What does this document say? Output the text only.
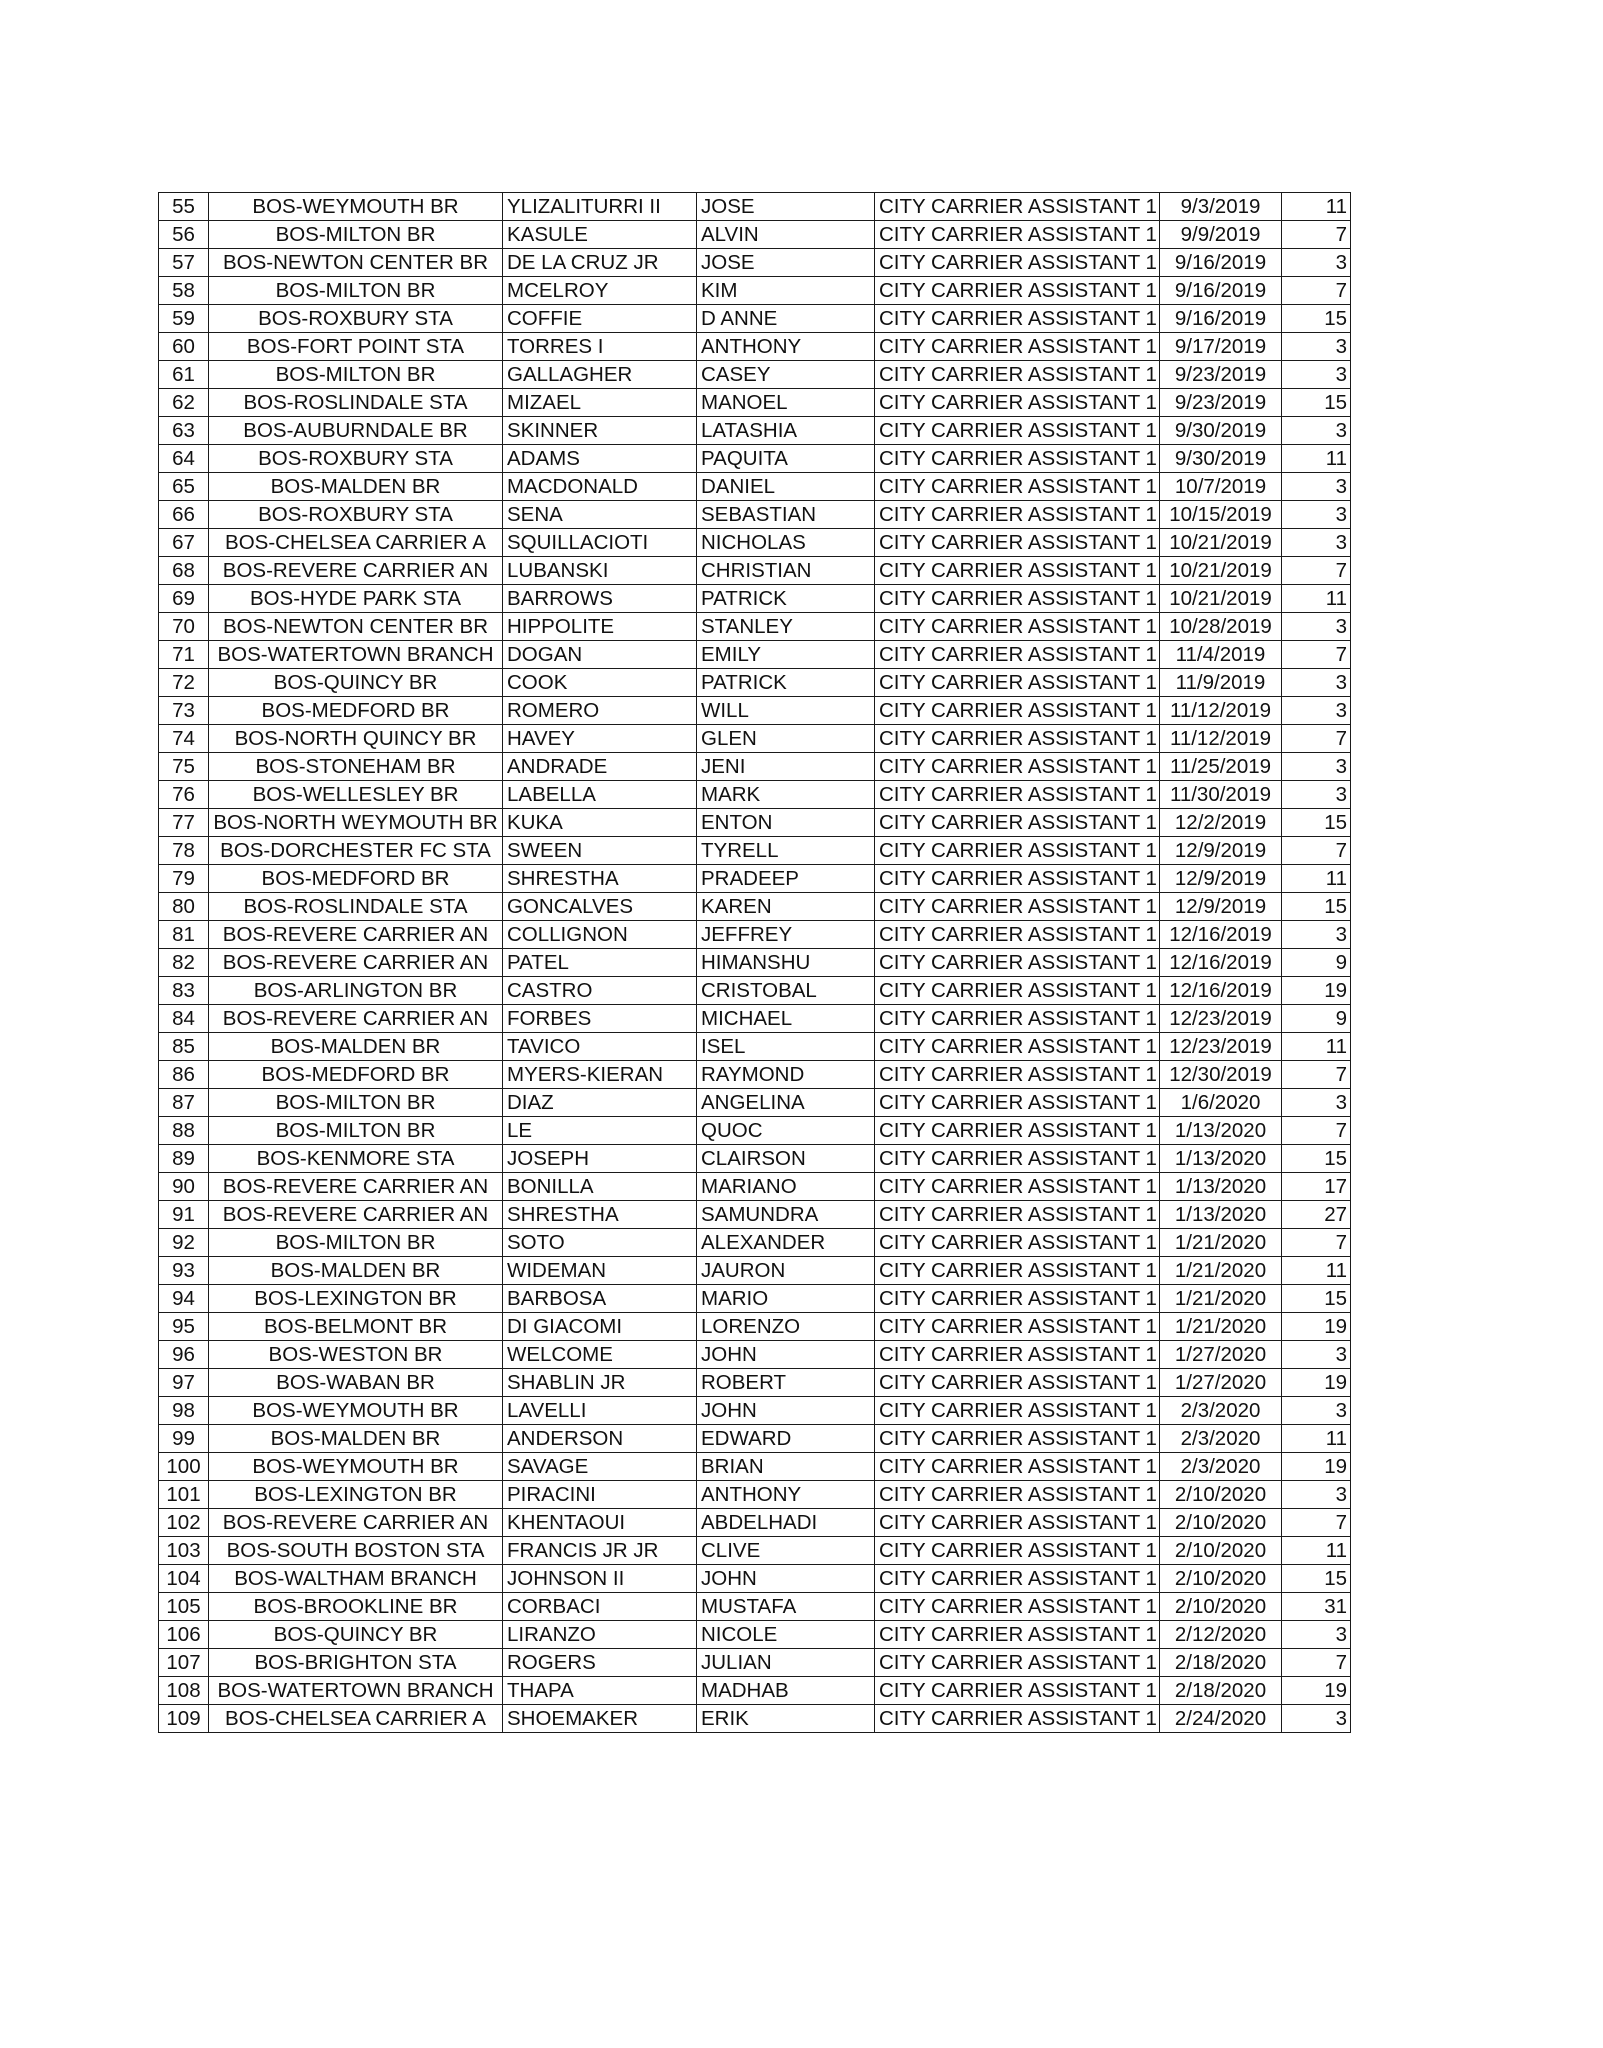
55	BOS-WEYMOUTH BR	YLIZALITURRI II	JOSE	CITY CARRIER ASSISTANT 1	9/3/2019	11
56	BOS-MILTON BR	KASULE	ALVIN	CITY CARRIER ASSISTANT 1	9/9/2019	7
57	BOS-NEWTON CENTER BR	DE LA CRUZ JR	JOSE	CITY CARRIER ASSISTANT 1	9/16/2019	3
58	BOS-MILTON BR	MCELROY	KIM	CITY CARRIER ASSISTANT 1	9/16/2019	7
59	BOS-ROXBURY STA	COFFIE	D ANNE	CITY CARRIER ASSISTANT 1	9/16/2019	15
60	BOS-FORT POINT STA	TORRES I	ANTHONY	CITY CARRIER ASSISTANT 1	9/17/2019	3
61	BOS-MILTON BR	GALLAGHER	CASEY	CITY CARRIER ASSISTANT 1	9/23/2019	3
62	BOS-ROSLINDALE STA	MIZAEL	MANOEL	CITY CARRIER ASSISTANT 1	9/23/2019	15
63	BOS-AUBURNDALE BR	SKINNER	LATASHIA	CITY CARRIER ASSISTANT 1	9/30/2019	3
64	BOS-ROXBURY STA	ADAMS	PAQUITA	CITY CARRIER ASSISTANT 1	9/30/2019	11
65	BOS-MALDEN BR	MACDONALD	DANIEL	CITY CARRIER ASSISTANT 1	10/7/2019	3
66	BOS-ROXBURY STA	SENA	SEBASTIAN	CITY CARRIER ASSISTANT 1	10/15/2019	3
67	BOS-CHELSEA CARRIER A	SQUILLACIOTI	NICHOLAS	CITY CARRIER ASSISTANT 1	10/21/2019	3
68	BOS-REVERE CARRIER AN	LUBANSKI	CHRISTIAN	CITY CARRIER ASSISTANT 1	10/21/2019	7
69	BOS-HYDE PARK STA	BARROWS	PATRICK	CITY CARRIER ASSISTANT 1	10/21/2019	11
70	BOS-NEWTON CENTER BR	HIPPOLITE	STANLEY	CITY CARRIER ASSISTANT 1	10/28/2019	3
71	BOS-WATERTOWN BRANCH	DOGAN	EMILY	CITY CARRIER ASSISTANT 1	11/4/2019	7
72	BOS-QUINCY BR	COOK	PATRICK	CITY CARRIER ASSISTANT 1	11/9/2019	3
73	BOS-MEDFORD BR	ROMERO	WILL	CITY CARRIER ASSISTANT 1	11/12/2019	3
74	BOS-NORTH QUINCY BR	HAVEY	GLEN	CITY CARRIER ASSISTANT 1	11/12/2019	7
75	BOS-STONEHAM BR	ANDRADE	JENI	CITY CARRIER ASSISTANT 1	11/25/2019	3
76	BOS-WELLESLEY BR	LABELLA	MARK	CITY CARRIER ASSISTANT 1	11/30/2019	3
77	BOS-NORTH WEYMOUTH BR	KUKA	ENTON	CITY CARRIER ASSISTANT 1	12/2/2019	15
78	BOS-DORCHESTER FC STA	SWEEN	TYRELL	CITY CARRIER ASSISTANT 1	12/9/2019	7
79	BOS-MEDFORD BR	SHRESTHA	PRADEEP	CITY CARRIER ASSISTANT 1	12/9/2019	11
80	BOS-ROSLINDALE STA	GONCALVES	KAREN	CITY CARRIER ASSISTANT 1	12/9/2019	15
81	BOS-REVERE CARRIER AN	COLLIGNON	JEFFREY	CITY CARRIER ASSISTANT 1	12/16/2019	3
82	BOS-REVERE CARRIER AN	PATEL	HIMANSHU	CITY CARRIER ASSISTANT 1	12/16/2019	9
83	BOS-ARLINGTON BR	CASTRO	CRISTOBAL	CITY CARRIER ASSISTANT 1	12/16/2019	19
84	BOS-REVERE CARRIER AN	FORBES	MICHAEL	CITY CARRIER ASSISTANT 1	12/23/2019	9
85	BOS-MALDEN BR	TAVICO	ISEL	CITY CARRIER ASSISTANT 1	12/23/2019	11
86	BOS-MEDFORD BR	MYERS-KIERAN	RAYMOND	CITY CARRIER ASSISTANT 1	12/30/2019	7
87	BOS-MILTON BR	DIAZ	ANGELINA	CITY CARRIER ASSISTANT 1	1/6/2020	3
88	BOS-MILTON BR	LE	QUOC	CITY CARRIER ASSISTANT 1	1/13/2020	7
89	BOS-KENMORE STA	JOSEPH	CLAIRSON	CITY CARRIER ASSISTANT 1	1/13/2020	15
90	BOS-REVERE CARRIER AN	BONILLA	MARIANO	CITY CARRIER ASSISTANT 1	1/13/2020	17
91	BOS-REVERE CARRIER AN	SHRESTHA	SAMUNDRA	CITY CARRIER ASSISTANT 1	1/13/2020	27
92	BOS-MILTON BR	SOTO	ALEXANDER	CITY CARRIER ASSISTANT 1	1/21/2020	7
93	BOS-MALDEN BR	WIDEMAN	JAURON	CITY CARRIER ASSISTANT 1	1/21/2020	11
94	BOS-LEXINGTON BR	BARBOSA	MARIO	CITY CARRIER ASSISTANT 1	1/21/2020	15
95	BOS-BELMONT BR	DI GIACOMI	LORENZO	CITY CARRIER ASSISTANT 1	1/21/2020	19
96	BOS-WESTON BR	WELCOME	JOHN	CITY CARRIER ASSISTANT 1	1/27/2020	3
97	BOS-WABAN BR	SHABLIN JR	ROBERT	CITY CARRIER ASSISTANT 1	1/27/2020	19
98	BOS-WEYMOUTH BR	LAVELLI	JOHN	CITY CARRIER ASSISTANT 1	2/3/2020	3
99	BOS-MALDEN BR	ANDERSON	EDWARD	CITY CARRIER ASSISTANT 1	2/3/2020	11
100	BOS-WEYMOUTH BR	SAVAGE	BRIAN	CITY CARRIER ASSISTANT 1	2/3/2020	19
101	BOS-LEXINGTON BR	PIRACINI	ANTHONY	CITY CARRIER ASSISTANT 1	2/10/2020	3
102	BOS-REVERE CARRIER AN	KHENTAOUI	ABDELHADI	CITY CARRIER ASSISTANT 1	2/10/2020	7
103	BOS-SOUTH BOSTON STA	FRANCIS JR JR	CLIVE	CITY CARRIER ASSISTANT 1	2/10/2020	11
104	BOS-WALTHAM BRANCH	JOHNSON II	JOHN	CITY CARRIER ASSISTANT 1	2/10/2020	15
105	BOS-BROOKLINE BR	CORBACI	MUSTAFA	CITY CARRIER ASSISTANT 1	2/10/2020	31
106	BOS-QUINCY BR	LIRANZO	NICOLE	CITY CARRIER ASSISTANT 1	2/12/2020	3
107	BOS-BRIGHTON STA	ROGERS	JULIAN	CITY CARRIER ASSISTANT 1	2/18/2020	7
108	BOS-WATERTOWN BRANCH	THAPA	MADHAB	CITY CARRIER ASSISTANT 1	2/18/2020	19
109	BOS-CHELSEA CARRIER A	SHOEMAKER	ERIK	CITY CARRIER ASSISTANT 1	2/24/2020	3
